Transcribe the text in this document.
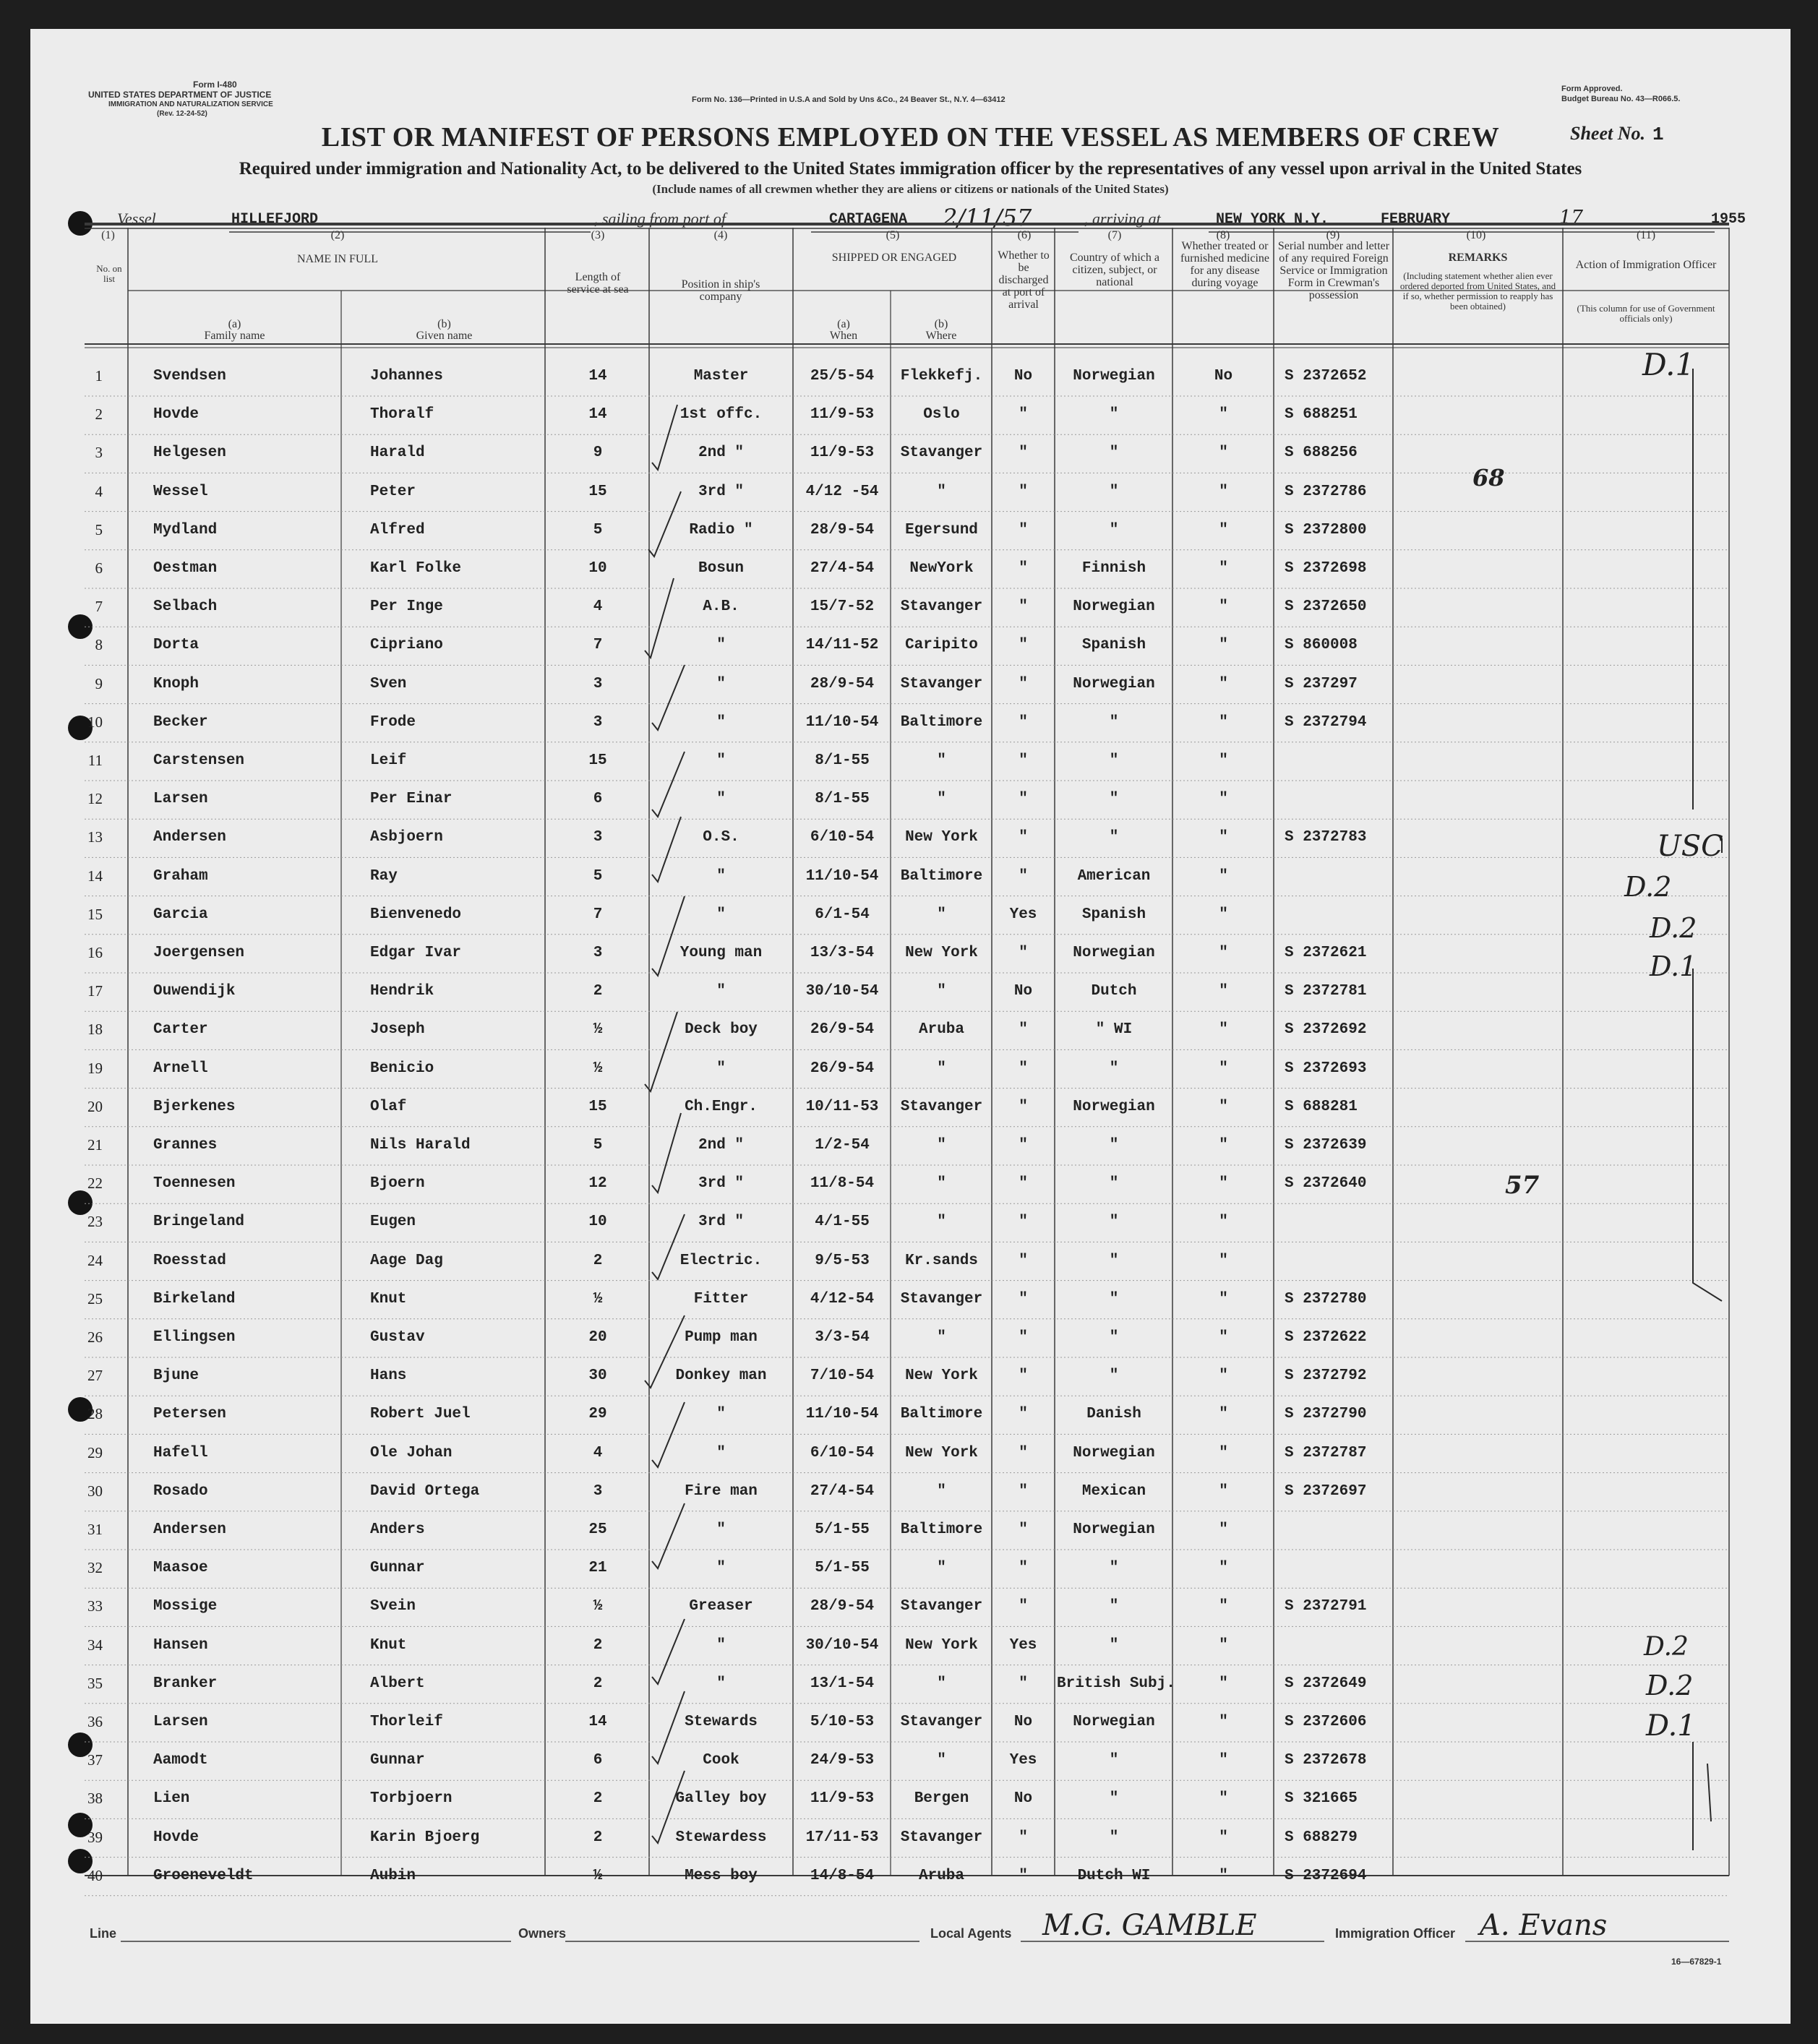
Form I-480
UNITED STATES DEPARTMENT OF JUSTICE
IMMIGRATION AND NATURALIZATION SERVICE
(Rev. 12-24-52)
Form No. 136—Printed in U.S.A and Sold by Uns &Co., 24 Beaver St., N.Y. 4—63412
Form Approved.
Budget Bureau No. 43—R066.5.
LIST OR MANIFEST OF PERSONS EMPLOYED ON THE VESSEL AS MEMBERS OF CREW	Sheet No. 1
Required under immigration and Nationality Act, to be delivered to the United States immigration officer by the representatives of any vessel upon arrival in the United States
(Include names of all crewmen whether they are aliens or citizens or nationals of the United States)
Vessel	HILLEFJORD	, sailing from port of	CARTAGENA 2/11/57	, arriving at	NEW YORK N.Y.	FEBRUARY	17	1955
(1)	(2)	(3)	(4)	(5)	(6)	(7)	(8)	(9)	(10)	(11)
No. on list
NAME IN FULL
(a)
Family name
(b)
Given name
Length of service at sea	Position in ship's company
SHIPPED OR ENGAGED
(a)
When
(b)
Where
Whether to be discharged at port of arrival
Country of which a citizen, subject, or national
Whether treated or furnished medicine for any disease during voyage
Serial number and letter of any required Foreign Service or Immigration Form in Crewman's possession
REMARKS
(Including statement whether alien ever ordered deported from United States, and if so, whether permission to reapply has been obtained)
Action of Immigration Officer
(This column for use of Government officials only)
1	Svendsen	Johannes	14	Master	25/5-54	Flekkefj.	No	Norwegian	No	S 2372652
2	Hovde	Thoralf	14	1st offc.	11/9-53	Oslo	"	"	"	S 688251
3	Helgesen	Harald	9	2nd "	11/9-53	Stavanger	"	"	"	S 688256
4	Wessel	Peter	15	3rd "	4/12 -54	"	"	"	"	S 2372786
5	Mydland	Alfred	5	Radio "	28/9-54	Egersund	"	"	"	S 2372800
6	Oestman	Karl Folke	10	Bosun	27/4-54	NewYork	"	Finnish	"	S 2372698
7	Selbach	Per Inge	4	A.B.	15/7-52	Stavanger	"	Norwegian	"	S 2372650
8	Dorta	Cipriano	7	"	14/11-52	Caripito	"	Spanish	"	S 860008
9	Knoph	Sven	3	"	28/9-54	Stavanger	"	Norwegian	"	S 237297
10	Becker	Frode	3	"	11/10-54	Baltimore	"	"	"	S 2372794
11	Carstensen	Leif	15	"	8/1-55	"	"	"	"
12	Larsen	Per Einar	6	"	8/1-55	"	"	"	"
13	Andersen	Asbjoern	3	O.S.	6/10-54	New York	"	"	"	S 2372783
14	Graham	Ray	5	"	11/10-54	Baltimore	"	American	"
15	Garcia	Bienvenedo	7	"	6/1-54	"	Yes	Spanish	"
16	Joergensen	Edgar Ivar	3	Young man	13/3-54	New York	"	Norwegian	"	S 2372621
17	Ouwendijk	Hendrik	2	"	30/10-54	"	No	Dutch	"	S 2372781
18	Carter	Joseph	½	Deck boy	26/9-54	Aruba	"	" WI	"	S 2372692
19	Arnell	Benicio	½	"	26/9-54	"	"	"	"	S 2372693
20	Bjerkenes	Olaf	15	Ch.Engr.	10/11-53	Stavanger	"	Norwegian	"	S 688281
21	Grannes	Nils Harald	5	2nd "	1/2-54	"	"	"	"	S 2372639
22	Toennesen	Bjoern	12	3rd "	11/8-54	"	"	"	"	S 2372640
23	Bringeland	Eugen	10	3rd "	4/1-55	"	"	"	"
24	Roesstad	Aage Dag	2	Electric.	9/5-53	Kr.sands	"	"	"
25	Birkeland	Knut	½	Fitter	4/12-54	Stavanger	"	"	"	S 2372780
26	Ellingsen	Gustav	20	Pump man	3/3-54	"	"	"	"	S 2372622
27	Bjune	Hans	30	Donkey man	7/10-54	New York	"	"	"	S 2372792
28	Petersen	Robert Juel	29	"	11/10-54	Baltimore	"	Danish	"	S 2372790
29	Hafell	Ole Johan	4	"	6/10-54	New York	"	Norwegian	"	S 2372787
30	Rosado	David Ortega	3	Fire man	27/4-54	"	"	Mexican	"	S 2372697
31	Andersen	Anders	25	"	5/1-55	Baltimore	"	Norwegian	"
32	Maasoe	Gunnar	21	"	5/1-55	"	"	"	"
33	Mossige	Svein	½	Greaser	28/9-54	Stavanger	"	"	"	S 2372791
34	Hansen	Knut	2	"	30/10-54	New York	Yes	"	"
35	Branker	Albert	2	"	13/1-54	"	"	British Subj.	"	S 2372649
36	Larsen	Thorleif	14	Stewards	5/10-53	Stavanger	No	Norwegian	"	S 2372606
37	Aamodt	Gunnar	6	Cook	24/9-53	"	Yes	"	"	S 2372678
38	Lien	Torbjoern	2	Galley boy	11/9-53	Bergen	No	"	"	S 321665
39	Hovde	Karin Bjoerg	2	Stewardess	17/11-53	Stavanger	"	"	"	S 688279
40	Groeneveldt	Aubin	½	Mess boy	14/8-54	Aruba	"	Dutch WI	"	S 2372694
68
57
D.1
USC
D.2
D.2
D.1
D.2
D.2
D.1
Line	Owners	Local Agents M.G. GAMBLE	Immigration Officer A. Evans
16—67829-1
